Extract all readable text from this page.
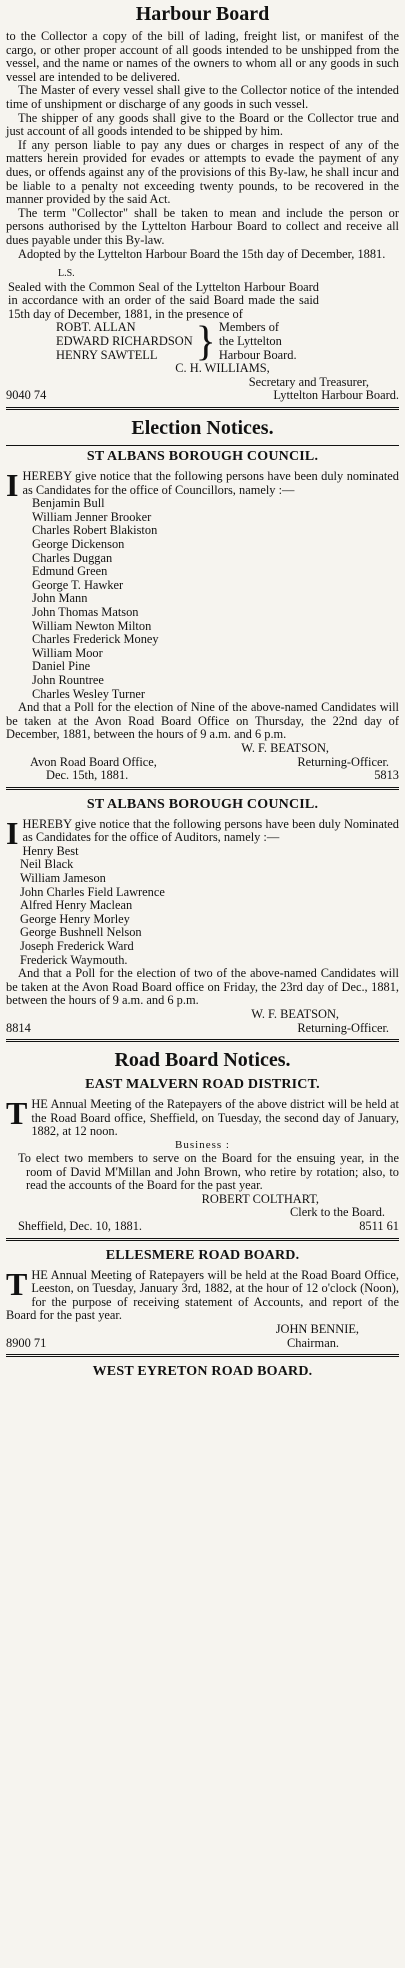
Harbour Board

to the Collector a copy of the bill of lading, freight list, or manifest of the cargo, or other proper account of all goods intended to be unshipped from the vessel, and the name or names of the owners to whom all or any goods in such vessel are intended to be delivered.

The Master of every vessel shall give to the Collector notice of the intended time of unshipment or discharge of any goods in such vessel.

The shipper of any goods shall give to the Board or the Collector true and just account of all goods intended to be shipped by him.

If any person liable to pay any dues or charges in respect of any of the matters herein provided for evades or attempts to evade the payment of any dues, or offends against any of the provisions of this By-law, he shall incur and be liable to a penalty not exceeding twenty pounds, to be recovered in the manner provided by the said Act.

The term "Collector" shall be taken to mean and include the person or persons authorised by the Lyttelton Harbour Board to collect and receive all dues payable under this By-law.

Adopted by the Lyttelton Harbour Board the 15th day of December, 1881.

L.S.
Sealed with the Common Seal of the Lyttelton Harbour Board in accordance with an order of the said Board made the said 15th day of December, 1881, in the presence of
ROBT. ALLAN
EDWARD RICHARDSON
HENRY SAWTELL } Members of
the Lyttelton
Harbour Board.
C. H. WILLIAMS,
Secretary and Treasurer,
9040 74	Lyttelton Harbour Board.
Election Notices.
ST ALBANS BOROUGH COUNCIL.
IHEREBY give notice that the following persons have been duly nominated as Candidates for the office of Councillors, namely :—
Benjamin Bull
William Jenner Brooker
Charles Robert Blakiston
George Dickenson
Charles Duggan
Edmund Green
George T. Hawker
John Mann
John Thomas Matson
William Newton Milton
Charles Frederick Money
William Moor
Daniel Pine
John Rountree
Charles Wesley Turner

And that a Poll for the election of Nine of the above-named Candidates will be taken at the Avon Road Board Office on Thursday, the 22nd day of December, 1881, between the hours of 9 a.m. and 6 p.m.

W. F. BEATSON,
Avon Road Board Office,	Returning-Officer.
Dec. 15th, 1881.	5813
ST ALBANS BOROUGH COUNCIL.
IHEREBY give notice that the following persons have been duly Nominated as Candidates for the office of Auditors, namely :—
Henry Best
Neil Black
William Jameson
John Charles Field Lawrence
Alfred Henry Maclean
George Henry Morley
George Bushnell Nelson
Joseph Frederick Ward
Frederick Waymouth.

And that a Poll for the election of two of the above-named Candidates will be taken at the Avon Road Board office on Friday, the 23rd day of Dec., 1881, between the hours of 9 a.m. and 6 p.m.

W. F. BEATSON,
8814	Returning-Officer.
Road Board Notices.
EAST MALVERN ROAD DISTRICT.
THE Annual Meeting of the Ratepayers of the above district will be held at the Road Board office, Sheffield, on Tuesday, the second day of January, 1882, at 12 noon.
Business :
To elect two members to serve on the Board for the ensuing year, in the room of David M'Millan and John Brown, who retire by rotation; also, to read the accounts of the Board for the past year.
ROBERT COLTHART,
Clerk to the Board.
Sheffield, Dec. 10, 1881.	8511 61
ELLESMERE ROAD BOARD.
THE Annual Meeting of Ratepayers will be held at the Road Board Office, Leeston, on Tuesday, January 3rd, 1882, at the hour of 12 o'clock (Noon), for the purpose of receiving statement of Accounts, and report of the Board for the past year.
JOHN BENNIE,
8900 71	Chairman.
WEST EYRETON ROAD BOARD.
